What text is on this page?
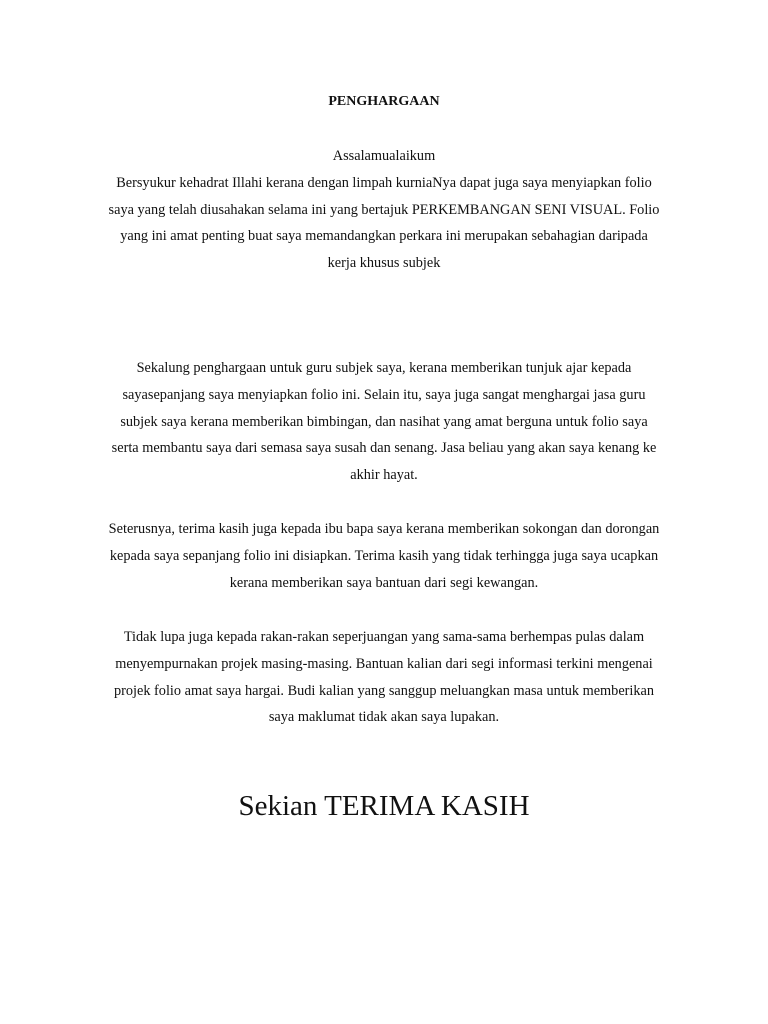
PENGHARGAAN
Assalamualaikum
Bersyukur kehadrat Illahi kerana dengan limpah kurniaNya dapat juga saya menyiapkan folio
saya yang telah diusahakan selama ini yang bertajuk PERKEMBANGAN SENI VISUAL. Folio
yang ini amat penting buat saya memandangkan perkara ini merupakan sebahagian daripada
kerja khusus subjek
Sekalung penghargaan untuk guru subjek saya, kerana memberikan tunjuk ajar kepada
sayasepanjang saya menyiapkan folio ini. Selain itu, saya juga sangat menghargai jasa guru
subjek saya kerana memberikan bimbingan, dan nasihat yang amat berguna untuk folio saya
serta membantu saya dari semasa saya susah dan senang. Jasa beliau yang akan saya kenang ke
akhir hayat.
Seterusnya, terima kasih juga kepada ibu bapa saya kerana memberikan sokongan dan dorongan
kepada saya sepanjang folio ini disiapkan. Terima kasih yang tidak terhingga juga saya ucapkan
kerana memberikan saya bantuan dari segi kewangan.
Tidak lupa juga kepada rakan-rakan seperjuangan yang sama-sama berhempas pulas dalam
menyempurnakan projek masing-masing. Bantuan kalian dari segi informasi terkini mengenai
projek folio amat saya hargai. Budi kalian yang sanggup meluangkan masa untuk memberikan
saya maklumat tidak akan saya lupakan.
Sekian TERIMA KASIH
